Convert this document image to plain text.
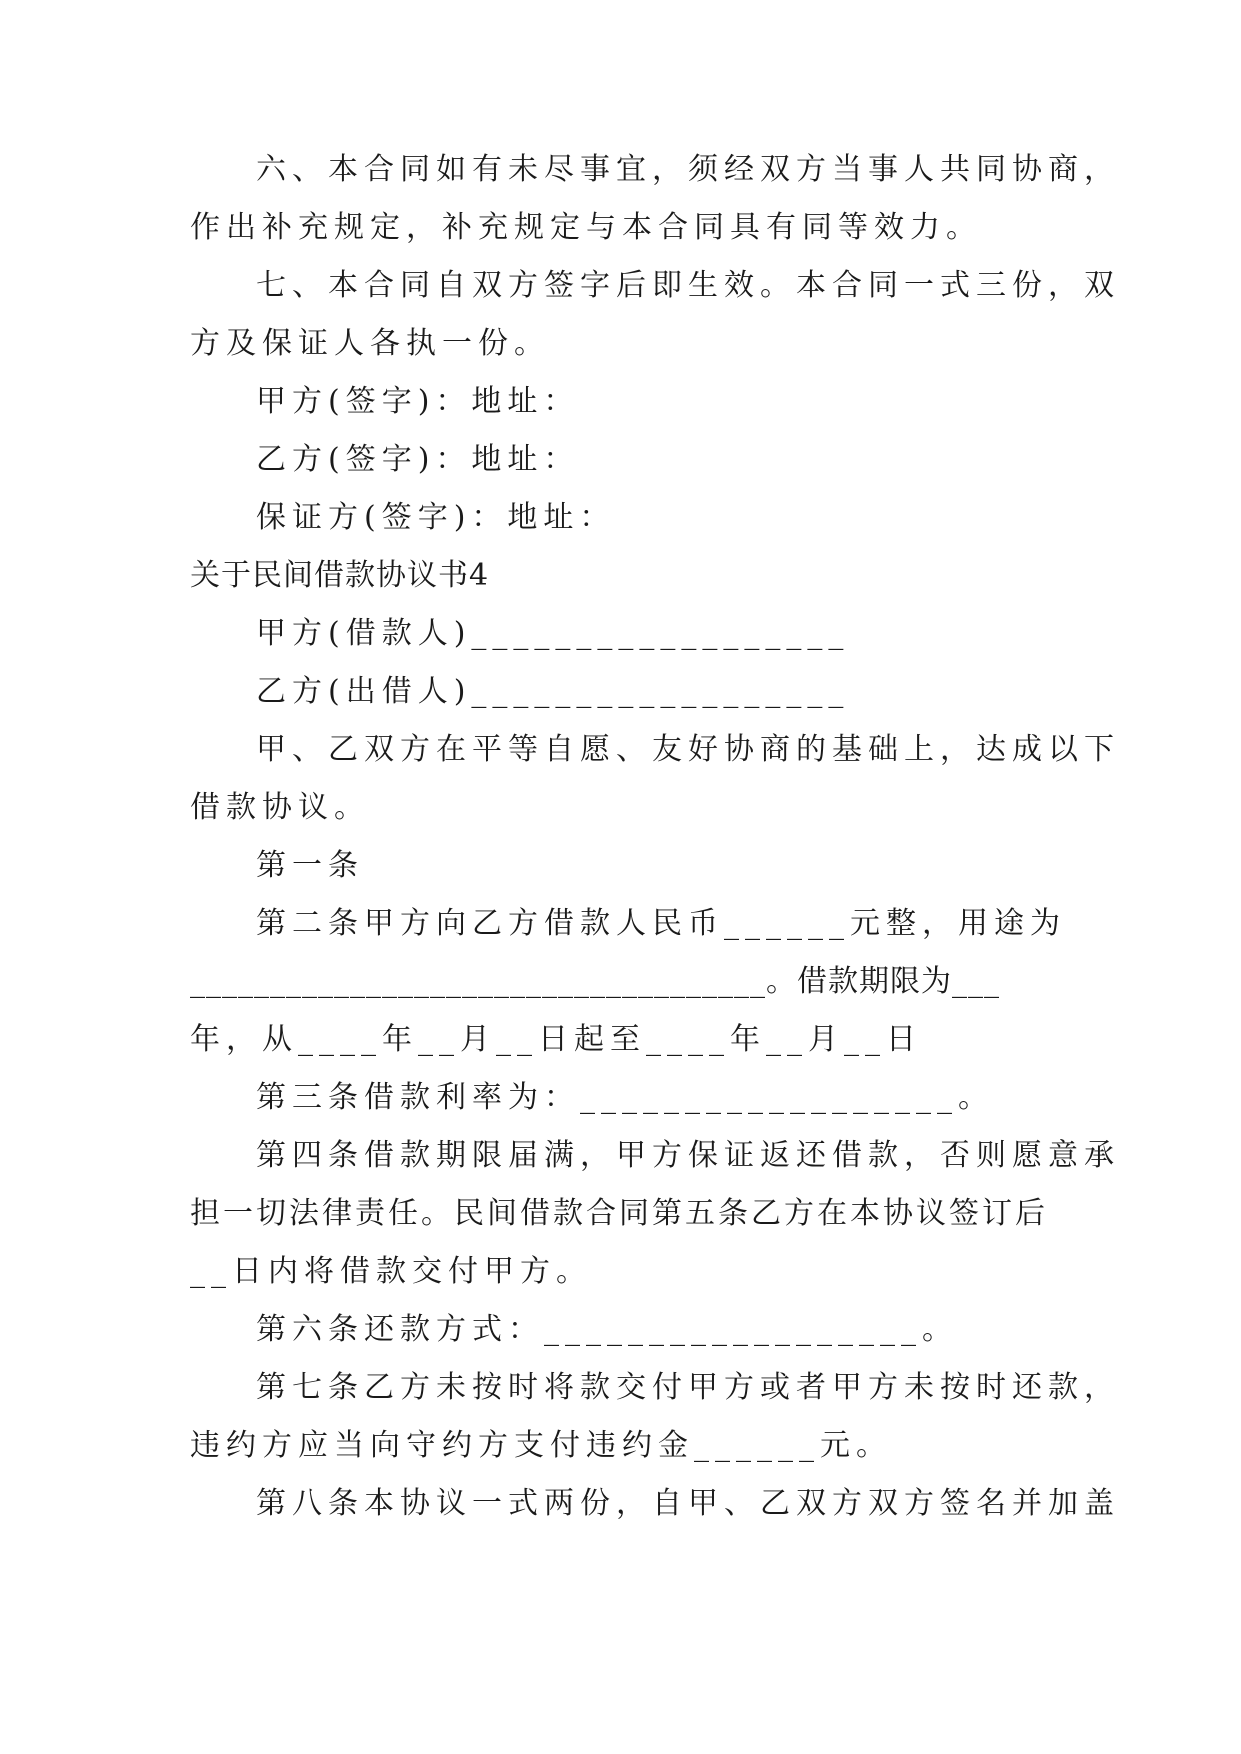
六、本合同如有未尽事宜，须经双方当事人共同协商，
作出补充规定，补充规定与本合同具有同等效力。
七、本合同自双方签字后即生效。本合同一式三份，双
方及保证人各执一份。
甲方(签字)：地址：
乙方(签字)：地址：
保证方(签字)：地址：
关于民间借款协议书4
甲方(借款人)__________________
乙方(出借人)__________________
甲、乙双方在平等自愿、友好协商的基础上，达成以下
借款协议。
第一条
第二条甲方向乙方借款人民币______元整，用途为
____________________________________。借款期限为___
年，从____年__月__日起至____年__月__日
第三条借款利率为：__________________。
第四条借款期限届满，甲方保证返还借款，否则愿意承
担一切法律责任。民间借款合同第五条乙方在本协议签订后
__日内将借款交付甲方。
第六条还款方式：__________________。
第七条乙方未按时将款交付甲方或者甲方未按时还款，
违约方应当向守约方支付违约金______元。
第八条本协议一式两份，自甲、乙双方双方签名并加盖
